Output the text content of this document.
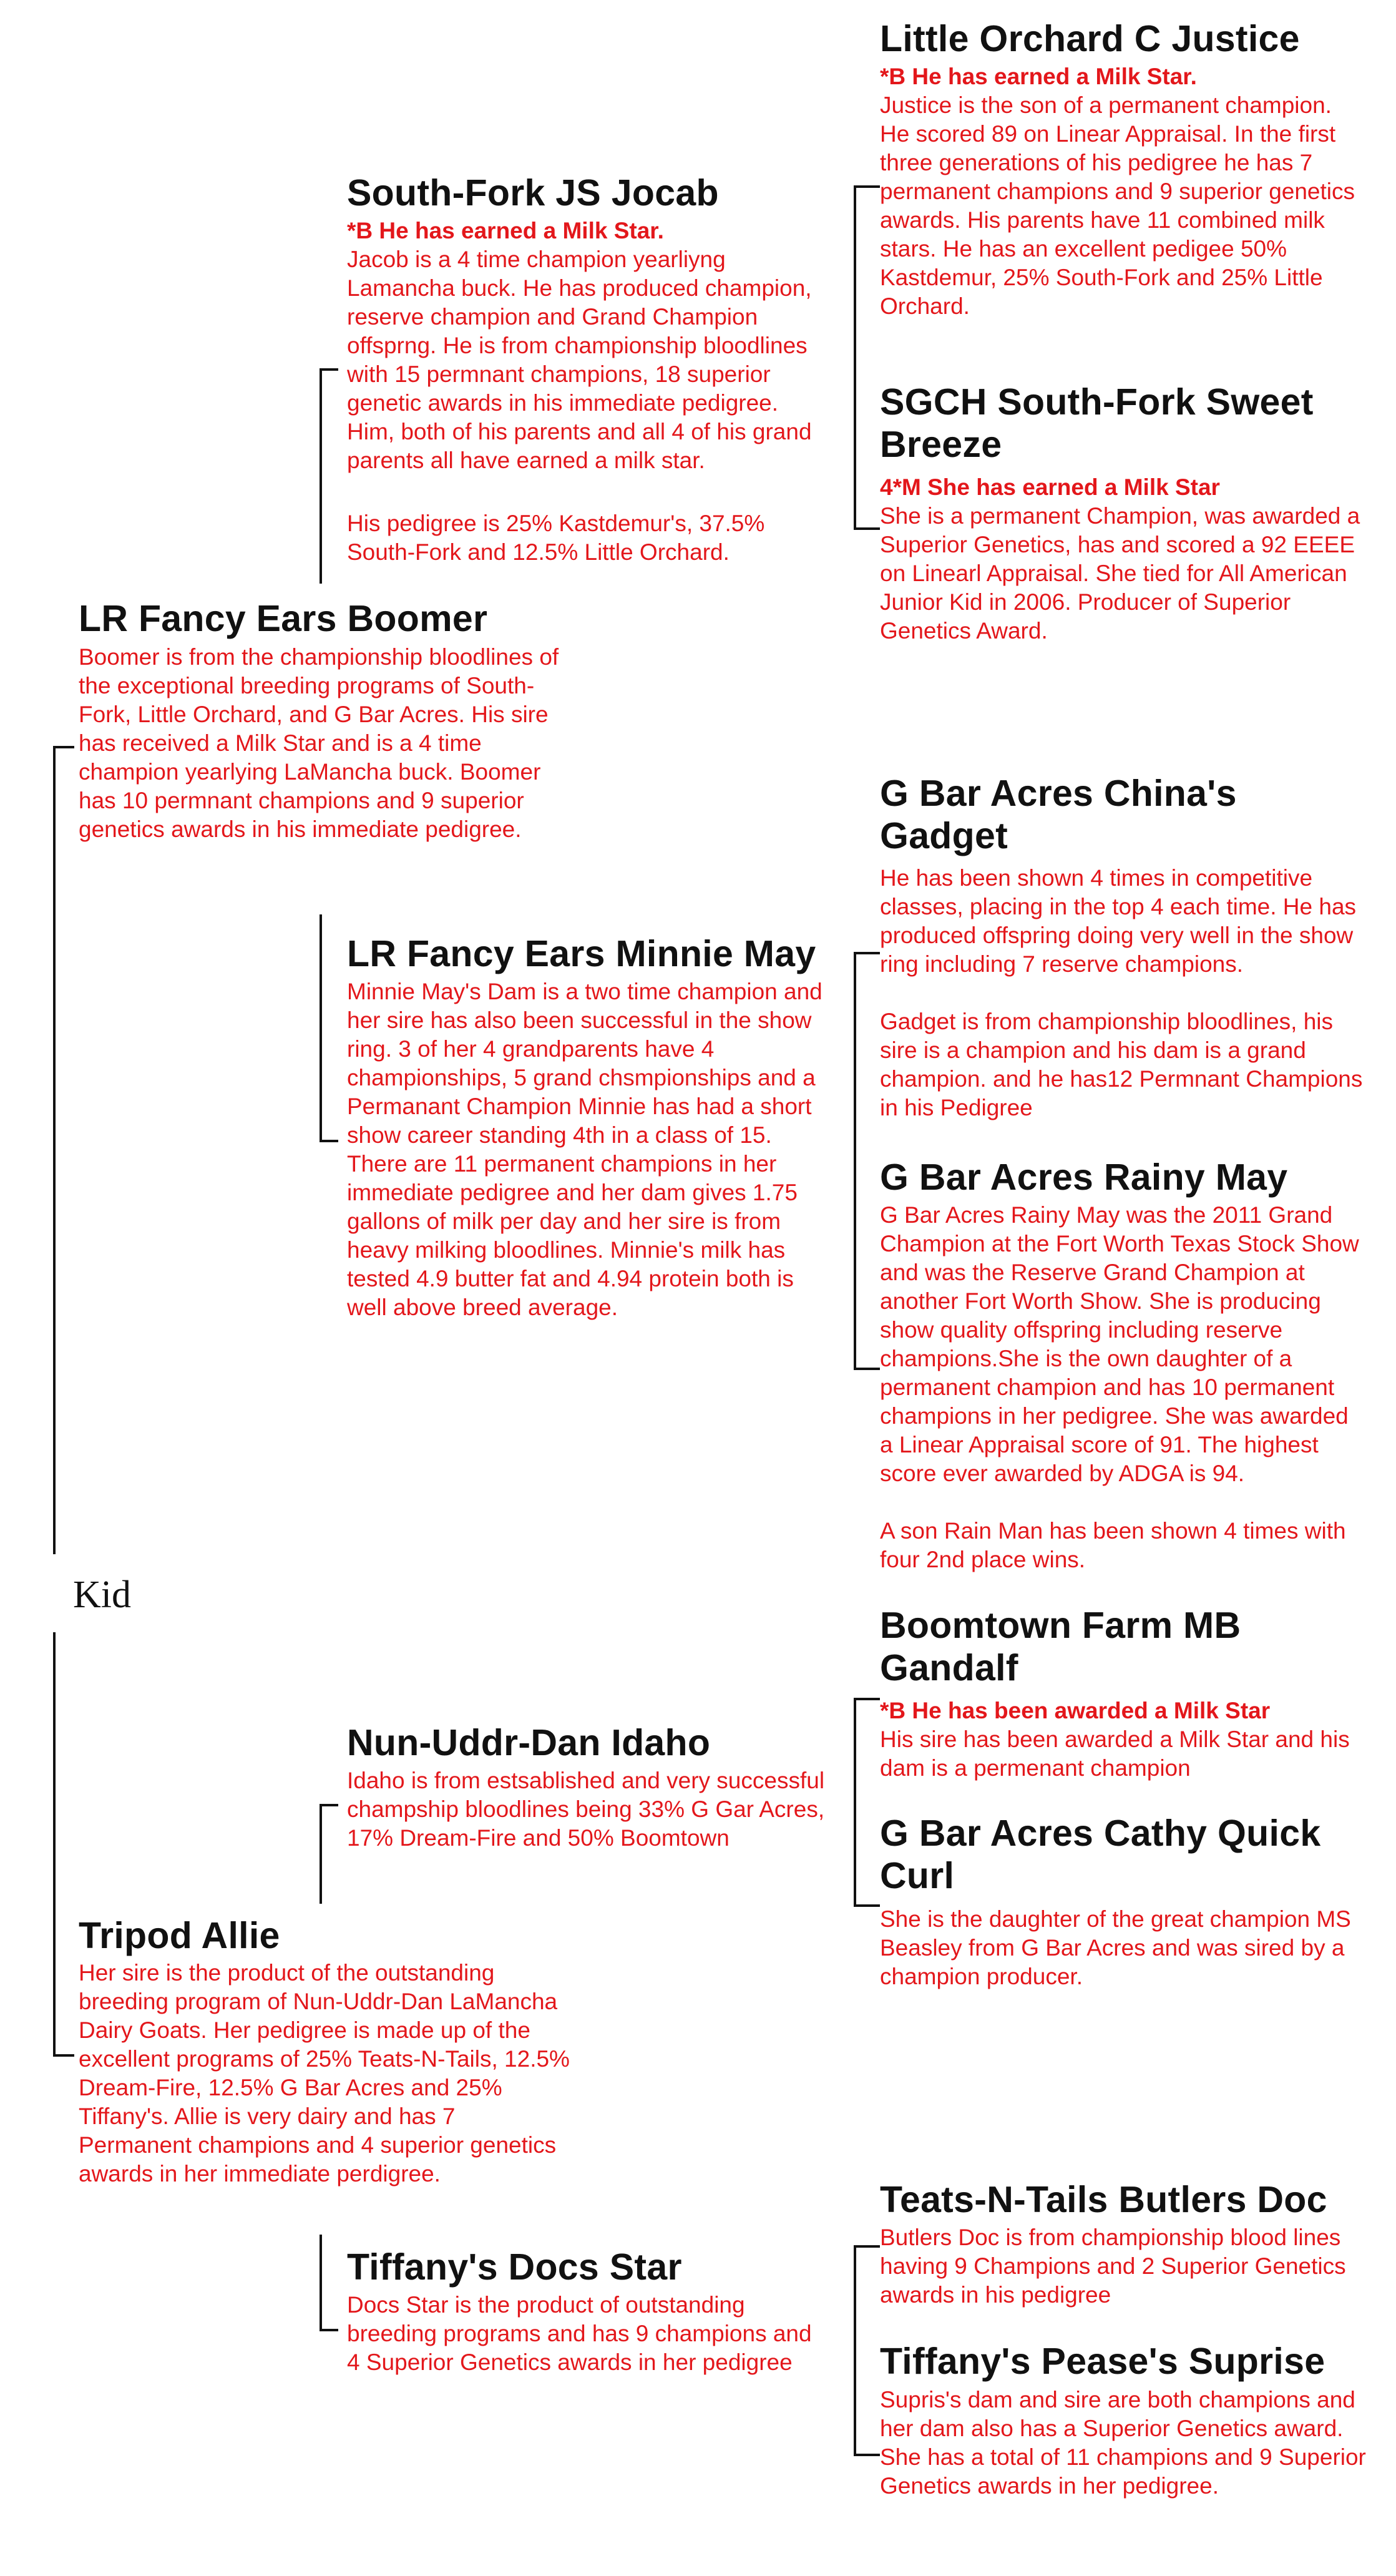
Kid
LR Fancy Ears Boomer
Boomer is from the championship bloodlines of the exceptional breeding programs of South-Fork, Little Orchard, and G Bar Acres. His sire has received a Milk Star and is a 4 time champion yearlying LaMancha buck. Boomer has 10 permnant champions and 9 superior genetics awards in his immediate pedigree.
Tripod Allie
Her sire is the product of the outstanding breeding program of Nun-Uddr-Dan LaMancha Dairy Goats. Her pedigree is made up of the excellent programs of 25% Teats-N-Tails, 12.5% Dream-Fire, 12.5% G Bar Acres and 25% Tiffany's. Allie is very dairy and has 7 Permanent champions and 4 superior genetics awards in her immediate perdigree.
South-Fork JS Jocab
*B He has earned a Milk Star.
Jacob is a 4 time champion yearliyng Lamancha buck. He has produced champion, reserve champion and Grand Champion offsprng. He is from championship bloodlines with 15 permnant champions, 18 superior genetic awards in his immediate pedigree. Him, both of his parents and all 4 of his grand parents all have earned a milk star.
His pedigree is 25% Kastdemur's, 37.5% South-Fork and 12.5% Little Orchard.
LR Fancy Ears Minnie May
Minnie May's Dam is a two time champion and her sire has also been successful in the show ring. 3 of her 4 grandparents have 4 championships, 5 grand chsmpionships and a Permanant Champion Minnie has had a short show career standing 4th in a class of 15. There are 11 permanent champions in her immediate pedigree and her dam gives 1.75 gallons of milk per day and her sire is from heavy milking bloodlines. Minnie's milk has tested 4.9 butter fat and 4.94 protein both is well above breed average.
Nun-Uddr-Dan Idaho
Idaho is from estsablished and very successful champship bloodlines being 33% G Gar Acres, 17% Dream-Fire and 50% Boomtown
Tiffany's Docs Star
Docs Star is the product of outstanding breeding programs and has 9 champions and 4 Superior Genetics awards in her pedigree
Little Orchard C Justice
*B He has earned a Milk Star.
Justice is the son of a permanent champion. He scored 89 on Linear Appraisal. In the first three generations of his pedigree he has 7 permanent champions and 9 superior genetics awards. His parents have 11 combined milk stars. He has an excellent pedigee 50% Kastdemur, 25% South-Fork and 25% Little Orchard.
SGCH South-Fork Sweet Breeze
4*M She has earned a Milk Star
She is a permanent Champion, was awarded a Superior Genetics, has and scored a 92 EEEE on Linearl Appraisal. She tied for All American Junior Kid in 2006. Producer of Superior Genetics Award.
G Bar Acres China's Gadget
He has been shown 4 times in competitive classes, placing in the top 4 each time. He has produced offspring doing very well in the show ring including 7 reserve champions.
Gadget is from championship bloodlines, his sire is a champion and his dam is a grand champion. and he has12 Permnant Champions in his Pedigree
G Bar Acres Rainy May
G Bar Acres Rainy May was the 2011 Grand Champion at the Fort Worth Texas Stock Show and was the Reserve Grand Champion at another Fort Worth Show. She is producing show quality offspring including reserve champions.She is the own daughter of a permanent champion and has 10 permanent champions in her pedigree. She was awarded a Linear Appraisal score of 91. The highest score ever awarded by ADGA is 94.
A son Rain Man has been shown 4 times with four 2nd place wins.
Boomtown Farm MB Gandalf
*B He has been awarded a Milk Star
His sire has been awarded a Milk Star and his dam is a permenant champion
G Bar Acres Cathy Quick Curl
She is the daughter of the great champion MS Beasley from G Bar Acres and was sired by a champion producer.
Teats-N-Tails Butlers Doc
Butlers Doc is from championship blood lines having 9 Champions and 2 Superior Genetics awards in his pedigree
Tiffany's Pease's Suprise
Supris's dam and sire are both champions and her dam also has a Superior Genetics award. She has a total of 11 champions and 9 Superior Genetics awards in her pedigree.
